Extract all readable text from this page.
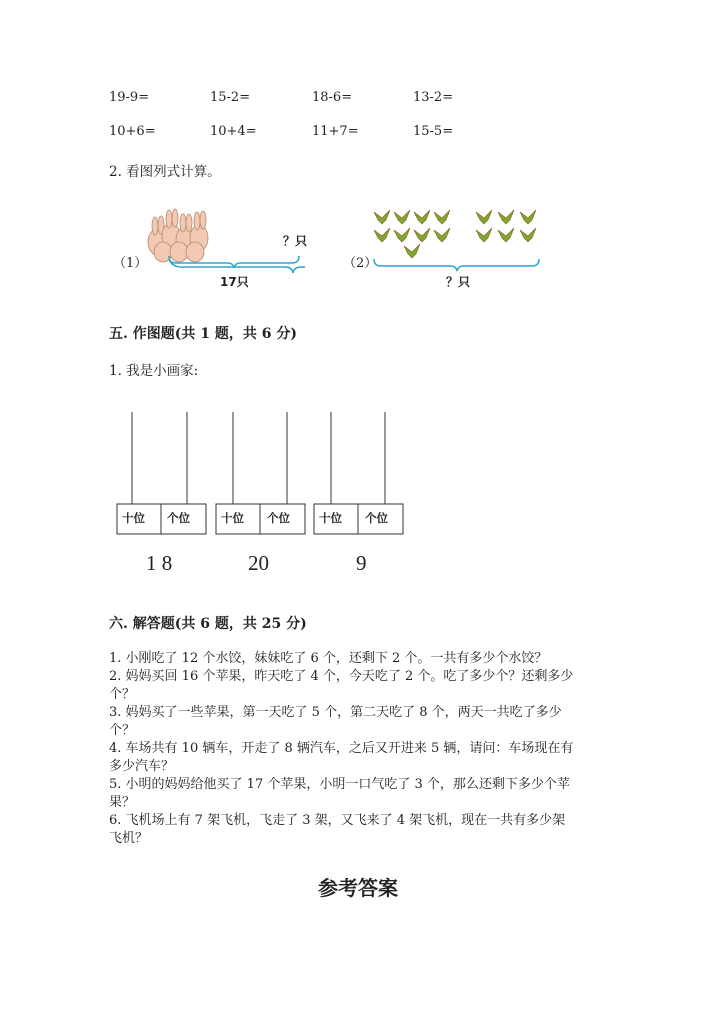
19-9=	15-2=	18-6=	13-2=
10+6=	10+4=	11+7=	15-5=
2. 看图列式计算。
（1）
？只
17只
（2）
？只
五. 作图题(共 1 题，共 6 分)
1. 我是小画家:
十位 个位	十位 个位	十位 个位
1 8	20	9
六. 解答题(共 6 题，共 25 分)
1. 小刚吃了 12 个水饺，妹妹吃了 6 个，还剩下 2 个。一共有多少个水饺？
2. 妈妈买回 16 个苹果，昨天吃了 4 个，今天吃了 2 个。吃了多少个？还剩多少
个？
3. 妈妈买了一些苹果，第一天吃了 5 个，第二天吃了 8 个，两天一共吃了多少
个？
4. 车场共有 10 辆车，开走了 8 辆汽车，之后又开进来 5 辆，请问：车场现在有
多少汽车？
5. 小明的妈妈给他买了 17 个苹果，小明一口气吃了 3 个，那么还剩下多少个苹
果？
6. 飞机场上有 7 架飞机，飞走了 3 架，又飞来了 4 架飞机，现在一共有多少架
飞机？
参考答案
